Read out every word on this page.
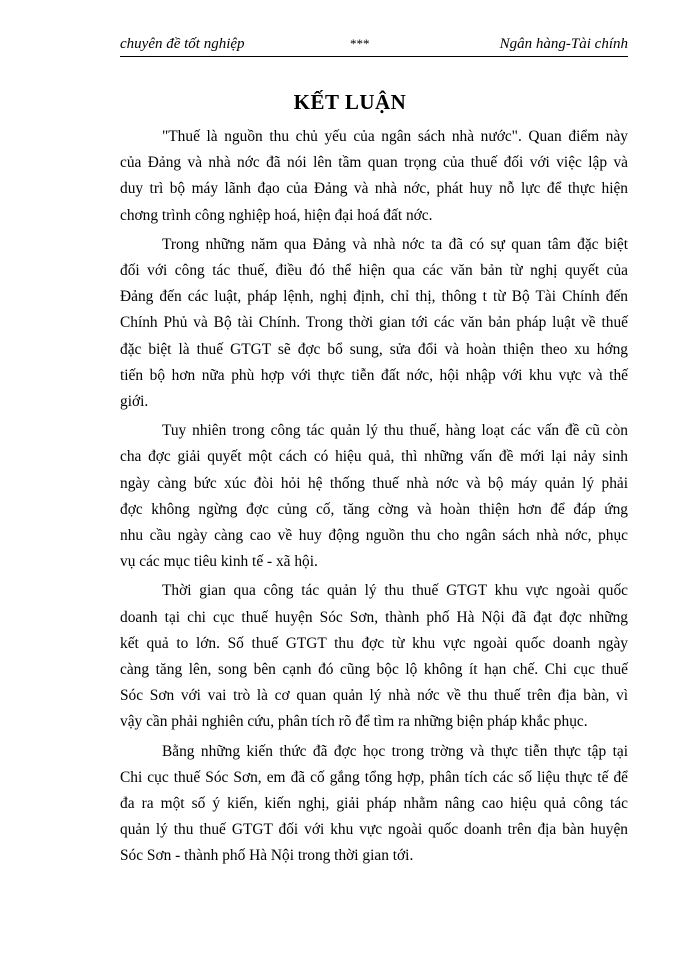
chuyên đề tốt nghiệp	***	Ngân hàng-Tài chính
KẾT LUẬN

"Thuế là nguồn thu chủ yếu của ngân sách nhà nước". Quan điểm này
của Đảng và nhà nớc đã nói lên tầm quan trọng của thuế đối với việc lập và
duy trì bộ máy lãnh đạo của Đảng và nhà nớc, phát huy nỗ lực để thực hiện
chơng trình công nghiệp hoá, hiện đại hoá đất nớc.

Trong những năm qua Đảng và nhà nớc ta đã có sự quan tâm đặc biệt
đối với công tác thuế, điều đó thể hiện qua các văn bản từ nghị quyết của
Đảng đến các luật, pháp lệnh, nghị định, chỉ thị, thông t từ Bộ Tài Chính đến
Chính Phủ và Bộ tài Chính. Trong thời gian tới các văn bản pháp luật về thuế
đặc biệt là thuế GTGT sẽ đợc bổ sung, sửa đổi và hoàn thiện theo xu hớng
tiến bộ hơn nữa phù hợp với thực tiễn đất nớc, hội nhập với khu vực và thế
giới.

Tuy nhiên trong công tác quản lý thu thuế, hàng loạt các vấn đề cũ còn
cha đợc giải quyết một cách có hiệu quả, thì những vấn đề mới lại nảy sinh
ngày càng bức xúc đòi hỏi hệ thống thuế nhà nớc và bộ máy quản lý phải
đợc không ngừng đợc củng cố, tăng cờng và hoàn thiện hơn để đáp ứng
nhu cầu ngày càng cao về huy động nguồn thu cho ngân sách nhà nớc, phục
vụ các mục tiêu kinh tế - xã hội.

Thời gian qua công tác quản lý thu thuế GTGT khu vực ngoài quốc
doanh tại chi cục thuế huyện Sóc Sơn, thành phố Hà Nội đã đạt đợc những
kết quả to lớn. Số thuế GTGT thu đợc từ khu vực ngoài quốc doanh ngày
càng tăng lên, song bên cạnh đó cũng bộc lộ không ít hạn chế. Chi cục thuế
Sóc Sơn với vai trò là cơ quan quản lý nhà nớc về thu thuế trên địa bàn, vì
vậy cần phải nghiên cứu, phân tích rõ để tìm ra những biện pháp khắc phục.

Bằng những kiến thức đã đợc học trong trờng và thực tiễn thực tập tại
Chi cục thuế Sóc Sơn, em đã cố gắng tổng hợp, phân tích các số liệu thực tế để
đa ra một số ý kiến, kiến nghị, giải pháp nhằm nâng cao hiệu quả công tác
quản lý thu thuế GTGT đối với khu vực ngoài quốc doanh trên địa bàn huyện
Sóc Sơn - thành phố Hà Nội trong thời gian tới.
